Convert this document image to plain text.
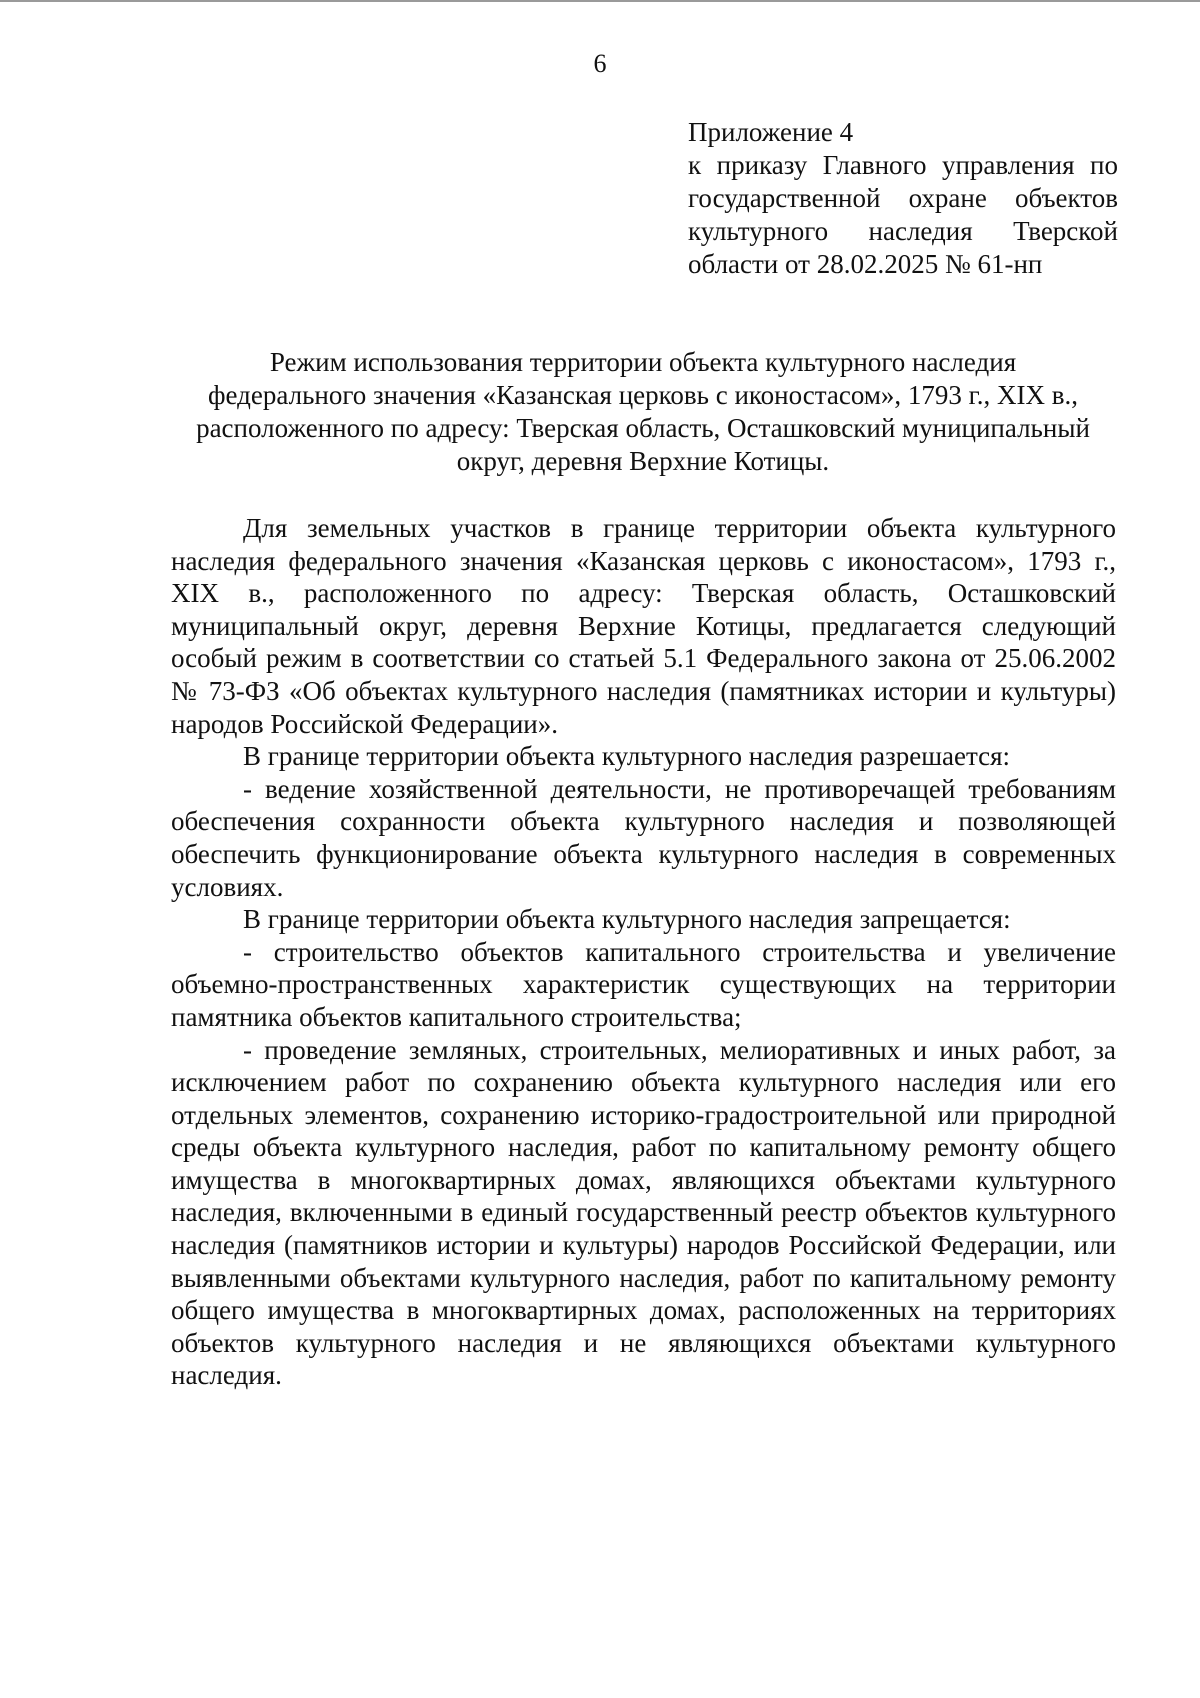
6
Приложение 4
к приказу Главного управления по
государственной охране объектов
культурного наследия Тверской
области от 28.02.2025 № 61-нп
Режим использования территории объекта культурного наследия
федерального значения «Казанская церковь с иконостасом», 1793 г., XIX в.,
расположенного по адресу: Тверская область, Осташковский муниципальный
округ, деревня Верхние Котицы.

Для земельных участков в границе территории объекта культурного наследия федерального значения «Казанская церковь с иконостасом», 1793 г., XIX в., расположенного по адресу: Тверская область, Осташковский муниципальный округ, деревня Верхние Котицы, предлагается следующий особый режим в соответствии со статьей 5.1 Федерального закона от 25.06.2002 № 73-ФЗ «Об объектах культурного наследия (памятниках истории и культуры) народов Российской Федерации».

В границе территории объекта культурного наследия разрешается:

- ведение хозяйственной деятельности, не противоречащей требованиям обеспечения сохранности объекта культурного наследия и позволяющей обеспечить функционирование объекта культурного наследия в современных условиях.

В границе территории объекта культурного наследия запрещается:

- строительство объектов капитального строительства и увеличение объемно-пространственных характеристик существующих на территории памятника объектов капитального строительства;

- проведение земляных, строительных, мелиоративных и иных работ, за исключением работ по сохранению объекта культурного наследия или его отдельных элементов, сохранению историко-градостроительной или природной среды объекта культурного наследия, работ по капитальному ремонту общего имущества в многоквартирных домах, являющихся объектами культурного наследия, включенными в единый государственный реестр объектов культурного наследия (памятников истории и культуры) народов Российской Федерации, или выявленными объектами культурного наследия, работ по капитальному ремонту общего имущества в многоквартирных домах, расположенных на территориях объектов культурного наследия и не являющихся объектами культурного наследия.
